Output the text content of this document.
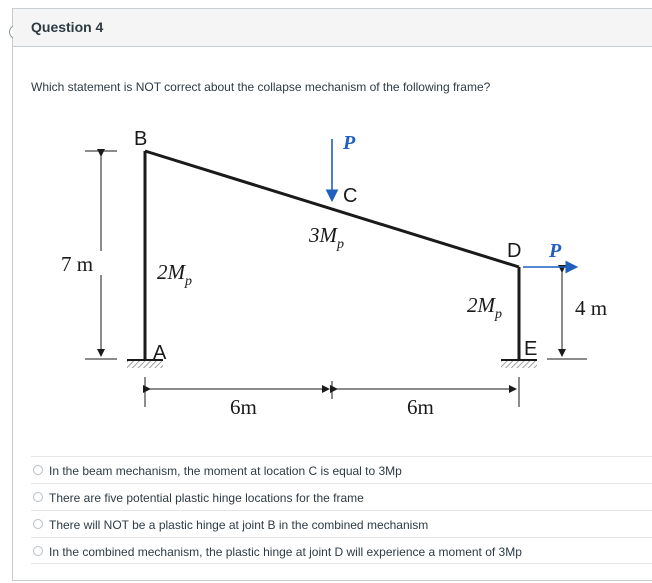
Question 4
Which statement is NOT correct about the collapse mechanism of the following frame?
7 m
4 m
6m	6m
B
C
D
E
A
P
P
$2M_p$
$3M_p$
$2M_p$
In the beam mechanism, the moment at location C is equal to 3Mp
There are five potential plastic hinge locations for the frame
There will NOT be a plastic hinge at joint B in the combined mechanism
In the combined mechanism, the plastic hinge at joint D will experience a moment of 3Mp
